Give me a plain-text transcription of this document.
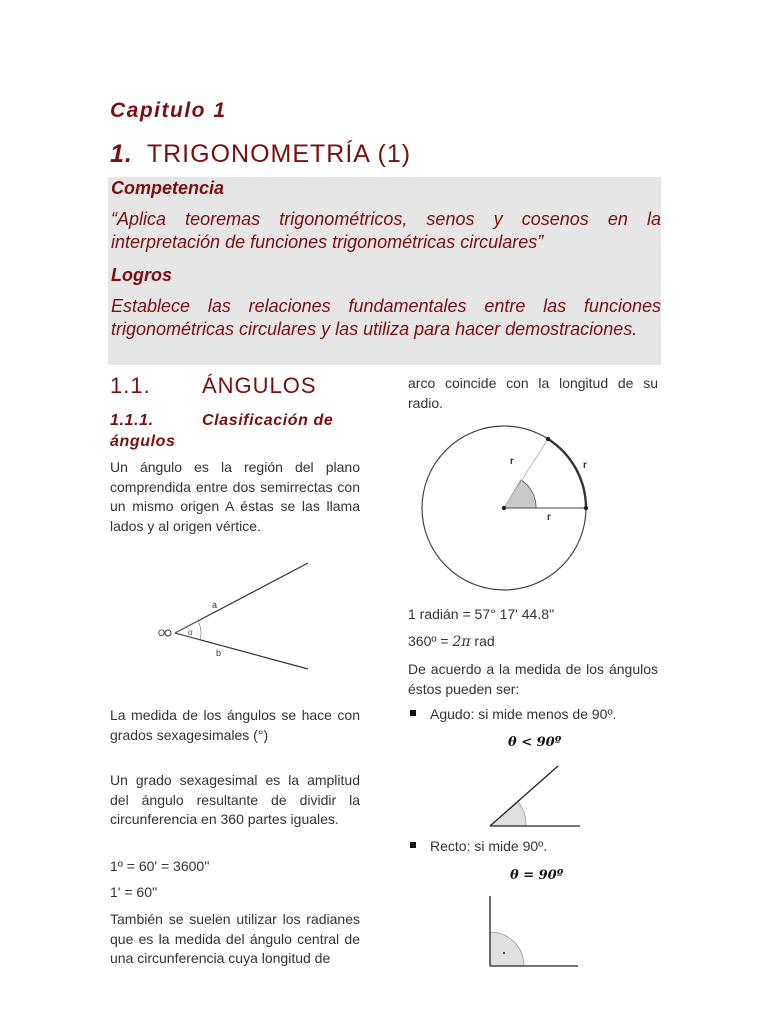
Capitulo 1
1. TRIGONOMETRÍA (1)
Competencia
“Aplica teoremas trigonométricos, senos y cosenos en la interpretación de funciones trigonométricas circulares”
Logros
Establece las relaciones fundamentales entre las funciones trigonométricas circulares y las utiliza para hacer demostraciones.
1.1. ÁNGULOS
1.1.1.	Clasificación de ángulos
Un ángulo es la región del plano comprendida entre dos semirrectas con un mismo origen A éstas se las llama lados y al origen vértice.
O
a
b
α
La medida de los ángulos se hace con grados sexagesimales (°)
Un grado sexagesimal es la amplitud del ángulo resultante de dividir la circunferencia en 360 partes iguales.
1º = 60' = 3600''
1' = 60''
También se suelen utilizar los radianes que es la medida del ángulo central de una circunferencia cuya longitud de
arco coincide con la longitud de su radio.
r	r
r
1 radián = 57° 17' 44.8''
360º = 2π rad
De acuerdo a la medida de los ángulos éstos pueden ser:
Agudo: si mide menos de 90º.
θ < 90º
Recto: si mide 90º.
θ = 90º
